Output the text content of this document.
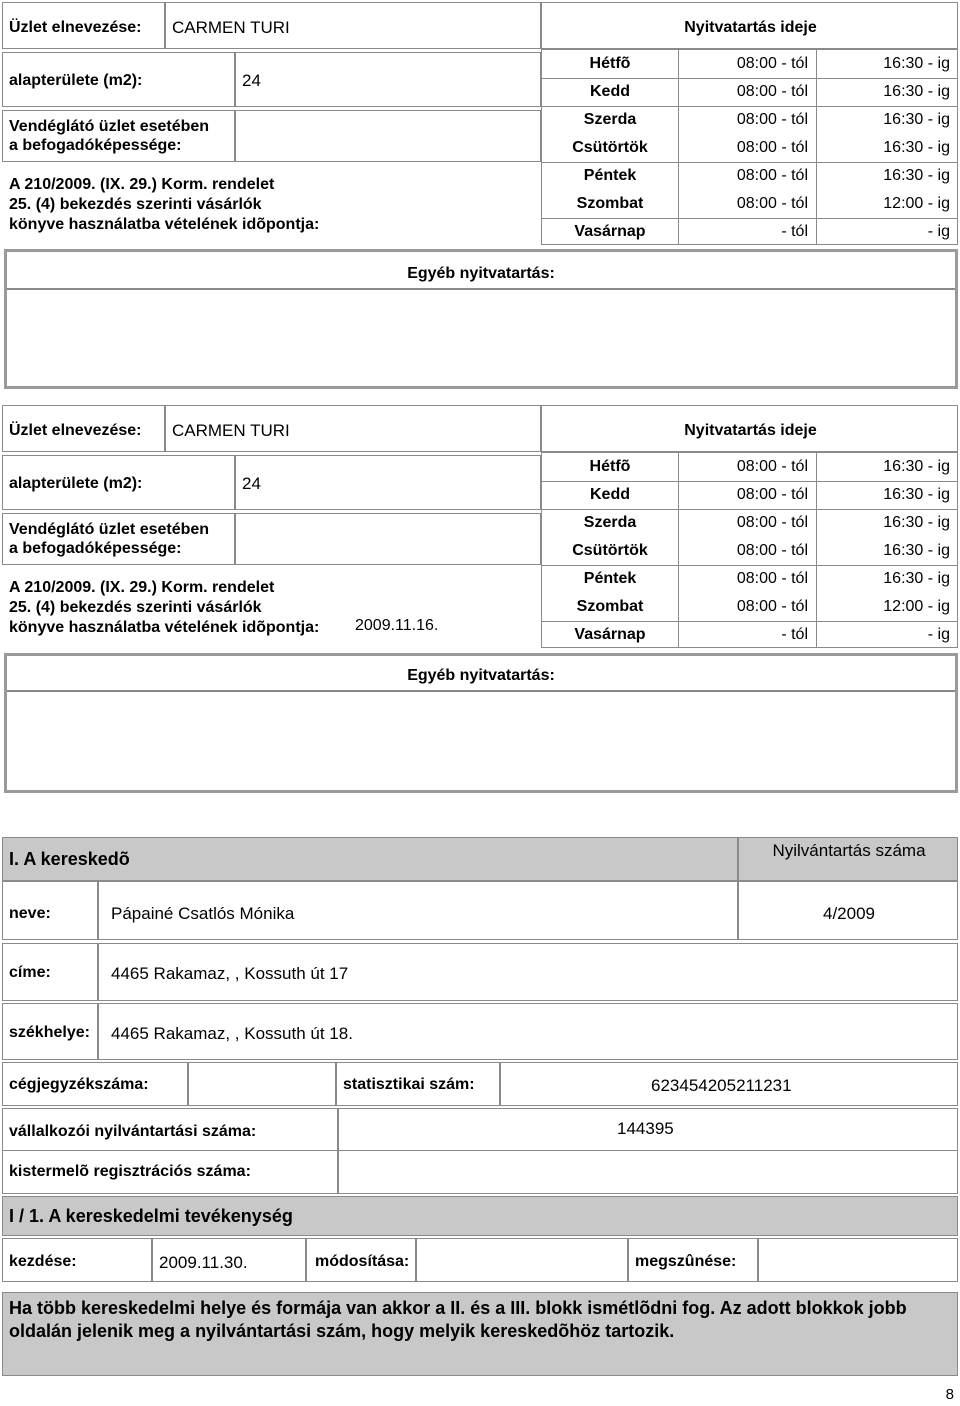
Üzlet elnevezése: CARMEN TURI
alapterülete (m2):	24
Vendéglátó üzlet esetében
a befogadóképessége:
A 210/2009. (IX. 29.) Korm. rendelet
25. (4) bekezdés szerinti vásárlók
könyve használatba vételének idõpontja:
Nyitvatartás ideje
Hétfõ	08:00 - tól	16:30 - ig
Kedd	08:00 - tól	16:30 - ig
Szerda	08:00 - tól	16:30 - ig
Csütörtök	08:00 - tól	16:30 - ig
Péntek	08:00 - tól	16:30 - ig
Szombat	08:00 - tól	12:00 - ig
Vasárnap	- tól	- ig
Egyéb nyitvatartás:
Üzlet elnevezése: CARMEN TURI
alapterülete (m2):	24
Vendéglátó üzlet esetében
a befogadóképessége:
A 210/2009. (IX. 29.) Korm. rendelet
25. (4) bekezdés szerinti vásárlók
könyve használatba vételének idõpontja: 2009.11.16.
Nyitvatartás ideje
Hétfõ	08:00 - tól	16:30 - ig
Kedd	08:00 - tól	16:30 - ig
Szerda	08:00 - tól	16:30 - ig
Csütörtök	08:00 - tól	16:30 - ig
Péntek	08:00 - tól	16:30 - ig
Szombat	08:00 - tól	12:00 - ig
Vasárnap	- tól	- ig
Egyéb nyitvatartás:
I. A kereskedõ	Nyilvántartás száma
neve:	Pápainé Csatlós Mónika	4/2009
címe:	4465 Rakamaz, , Kossuth út 17
székhelye: 4465 Rakamaz, , Kossuth út 18.
cégjegyzékszáma:	statisztikai szám:	623454205211231
vállalkozói nyilvántartási száma:	144395
kistermelõ regisztrációs száma:
I / 1. A kereskedelmi tevékenység
kezdése:	2009.11.30.	módosítása:	megszûnése:
Ha több kereskedelmi helye és formája van akkor a II. és a III. blokk ismétlõdni fog. Az adott blokkok jobb oldalán jelenik meg a nyilvántartási szám, hogy melyik kereskedõhöz tartozik.
8
